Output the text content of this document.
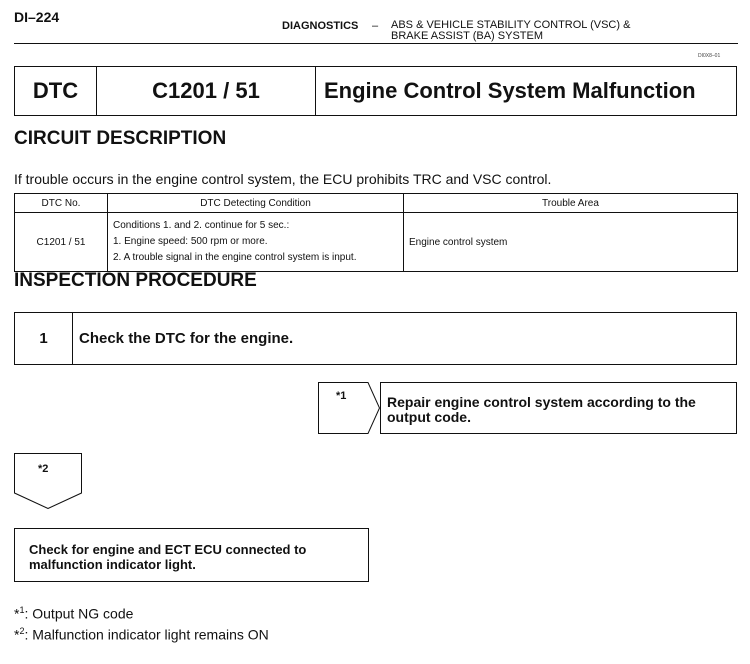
DI–224
DIAGNOSTICS – ABS & VEHICLE STABILITY CONTROL (VSC) &
BRAKE ASSIST (BA) SYSTEM
DI0X8–01
DTC	C1201 / 51	Engine Control System Malfunction
CIRCUIT DESCRIPTION
If trouble occurs in the engine control system, the ECU prohibits TRC and VSC control.
DTC No.	DTC Detecting Condition	Trouble Area
C1201 / 51	Conditions 1. and 2. continue for 5 sec.:
1. Engine speed: 500 rpm or more.
2. A trouble signal in the engine control system is input.	Engine control system
INSPECTION PROCEDURE
1	Check the DTC for the engine.
*1	Repair engine control system according to the
output code.
*2
Check for engine and ECT ECU connected to
malfunction indicator light.
*$^1$: Output NG code
*$^2$: Malfunction indicator light remains ON
